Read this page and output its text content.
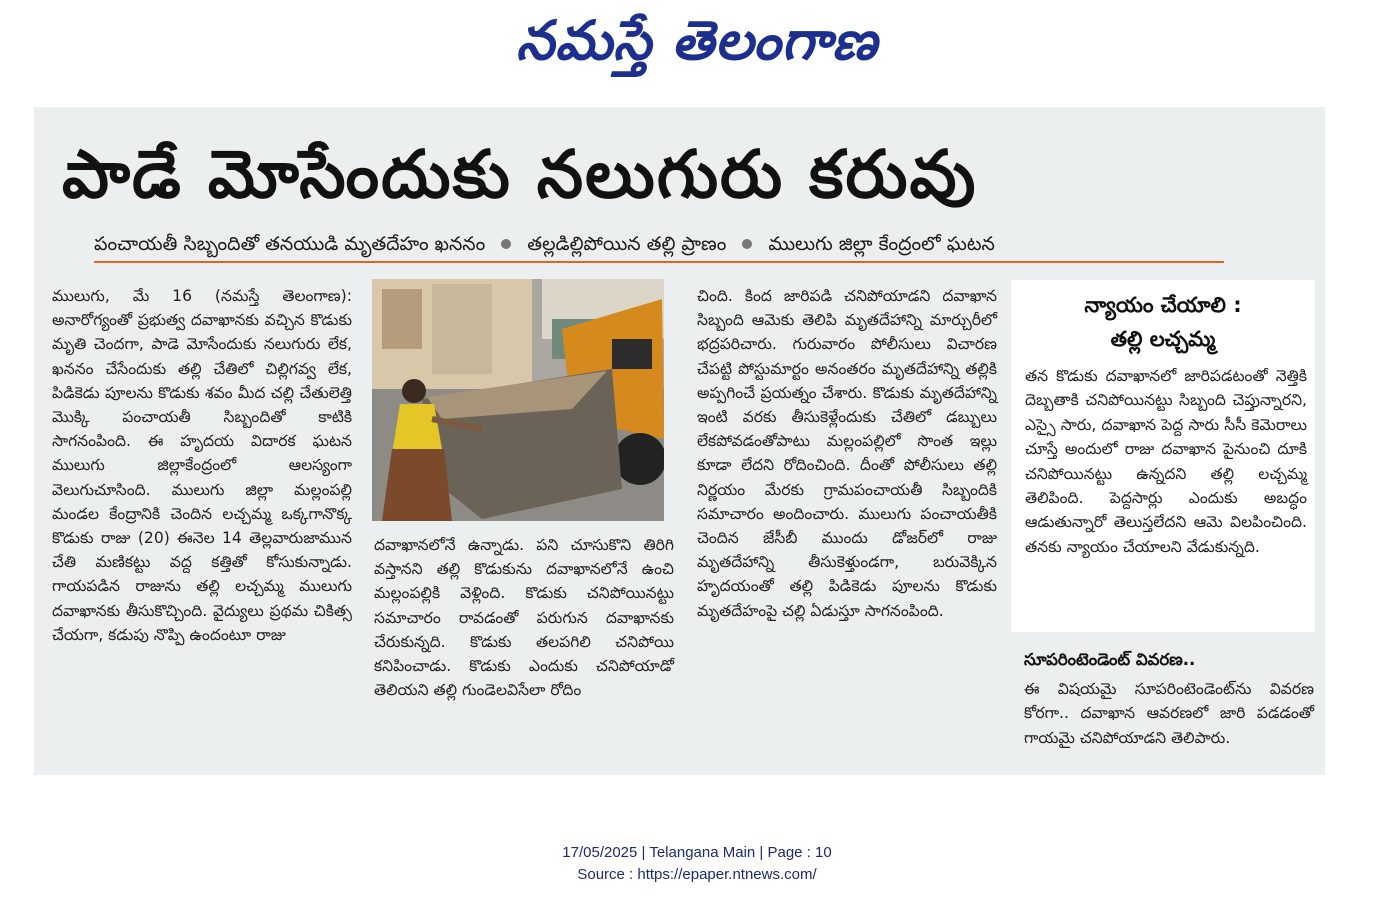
నమస్తే తెలంగాణ
పాడే మోసేందుకు నలుగురు కరువు
పంచాయతీ సిబ్బందితో తనయుడి మృతదేహం ఖననం తల్లడిల్లిపోయిన తల్లి ప్రాణం ములుగు జిల్లా కేంద్రంలో ఘటన

ములుగు, మే 16 (నమస్తే తెలంగాణ): అనారోగ్యంతో ప్రభుత్వ దవాఖానకు వచ్చిన కొడుకు మృతి చెందగా, పాడె మోసేందుకు నలుగురు లేక, ఖననం చేసేందుకు తల్లి చేతిలో చిల్లిగవ్వ లేక, పిడికెడు పూలను కొడుకు శవం మీద చల్లి చేతులెత్తి మొక్కి పంచాయతీ సిబ్బందితో కాటికి సాగనంపింది. ఈ హృదయ విదారక ఘటన ములుగు జిల్లాకేంద్రంలో ఆలస్యంగా వెలుగుచూసింది. ములుగు జిల్లా మల్లంపల్లి మండల కేంద్రానికి చెందిన లచ్చమ్మ ఒక్కగానొక్క కొడుకు రాజు (20) ఈనెల 14 తెల్లవారుజామున చేతి మణికట్టు వద్ద కత్తితో కోసుకున్నాడు. గాయపడిన రాజును తల్లి లచ్చమ్మ ములుగు దవాఖానకు తీసుకొచ్చింది. వైద్యులు ప్రథమ చికిత్స చేయగా, కడుపు నొప్పి ఉందంటూ రాజు

దవాఖానలోనే ఉన్నాడు. పని చూసుకొని తిరిగి వస్తానని తల్లి కొడుకును దవాఖానలోనే ఉంచి మల్లంపల్లికి వెళ్లింది. కొడుకు చనిపోయినట్టు సమాచారం రావడంతో పరుగున దవాఖానకు చేరుకున్నది. కొడుకు తలపగిలి చనిపోయి కనిపించాడు. కొడుకు ఎందుకు చనిపోయాడో తెలియని తల్లి గుండెలవిసేలా రోదిం

చింది. కింద జారిపడి చనిపోయాడని దవాఖాన సిబ్బంది ఆమెకు తెలిపి మృతదేహాన్ని మార్చురీలో భద్రపరిచారు. గురువారం పోలీసులు విచారణ చేపట్టి పోస్టుమార్టం అనంతరం మృతదేహాన్ని తల్లికి అప్పగించే ప్రయత్నం చేశారు. కొడుకు మృతదేహాన్ని ఇంటి వరకు తీసుకెళ్లేందుకు చేతిలో డబ్బులు లేకపోవడంతోపాటు మల్లంపల్లిలో సొంత ఇల్లు కూడా లేదని రోదించింది. దీంతో పోలీసులు తల్లి నిర్ణయం మేరకు గ్రామపంచాయతీ సిబ్బందికి సమాచారం అందించారు. ములుగు పంచాయతీకి చెందిన జేసీబీ ముందు డోజర్‌లో రాజు మృతదేహాన్ని తీసుకెళ్తుండగా, బరువెక్కిన హృదయంతో తల్లి పిడికెడు పూలను కొడుకు మృతదేహంపై చల్లి ఏడుస్తూ సాగనంపింది.

న్యాయం చేయాలి :
తల్లి లచ్చమ్మ
తన కొడుకు దవాఖానలో జారిపడటంతో నెత్తికి దెబ్బతాకి చనిపోయినట్టు సిబ్బంది చెప్తున్నారని, ఎస్సై సారు, దవాఖాన పెద్ద సారు సీసీ కెమెరాలు చూస్తే అందులో రాజు దవాఖాన పైనుంచి దూకి చనిపోయినట్టు ఉన్నదని తల్లి లచ్చమ్మ తెలిపింది. పెద్దసార్లు ఎందుకు అబద్ధం ఆడుతున్నారో తెలుస్తలేదని ఆమె విలపించింది. తనకు న్యాయం చేయాలని వేడుకున్నది.
సూపరింటెండెంట్‌ వివరణ..
ఈ విషయమై సూపరింటెండెంట్‌ను వివరణ కోరగా.. దవాఖాన ఆవరణలో జారి పడడంతో గాయమై చనిపోయాడని తెలిపారు.
17/05/2025 | Telangana Main | Page : 10
Source : https://epaper.ntnews.com/
